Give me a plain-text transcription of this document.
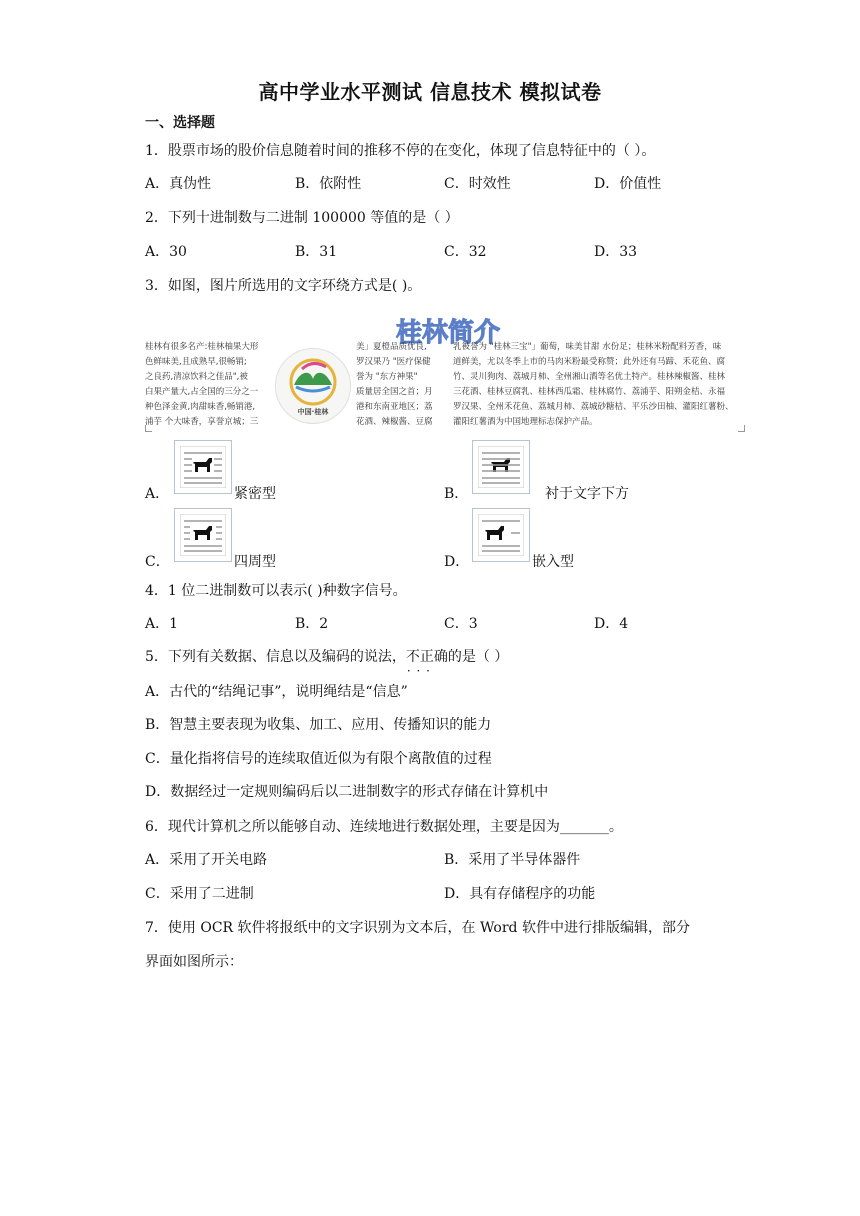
高中学业水平测试 信息技术 模拟试卷
一、选择题
1．股票市场的股价信息随着时间的推移不停的在变化，体现了信息特征中的（ ）。
A．真伪性	B．依附性	C．时效性	D．价值性
2．下列十进制数与二进制 100000 等值的是（ ）
A．30	B．31	C．32	D．33
3．如图，图片所选用的文字环绕方式是( )。
桂林简介
桂林有很多名产:桂林柚果大形
色鲜味美,且成熟早,很畅销;
之良药,清凉饮料之佳品",被
白果产量大,占全国的三分之一
种色泽金黄,肉甜味香,畅销港,
浦芋 个大味香，享誉京城；三
中国·桂林
美」夏橙品质优良,
罗汉果乃 "医疗保健
誉为 "东方神果"
质量居全国之首；月
港和东南亚地区；荔
花酒、辣椒酱、豆腐
乳被誉为 "桂林三宝"」葡萄，味美甘甜 水份足；桂林米粉配料芳香，味
道鲜美，尤以冬季上市的马肉米粉最受称赞；此外还有马蹄、禾花鱼、腐
竹、灵川狗肉、荔城月柿、全州湘山酒等名优土特产。桂林辣椒酱、桂林
三花酒、桂林豆腐乳、桂林西瓜霜、桂林腐竹、荔浦芋、阳朔金桔、永福
罗汉果、全州禾花鱼、荔城月柿、荔城砂糖桔、平乐沙田柚、灌阳红薯粉、
灌阳红薯酒为中国地理标志保护产品。
A．	紧密型	B．	衬于文字下方
C．	四周型	D．	嵌入型
4．1 位二进制数可以表示( )种数字信号。
A．1	B．2	C．3	D．4
5．下列有关数据、信息以及编码的说法，不正确 · · ·的是（ ）
A．古代的“结绳记事”，说明绳结是“信息”
B．智慧主要表现为收集、加工、应用、传播知识的能力
C．量化指将信号的连续取值近似为有限个离散值的过程
D．数据经过一定规则编码后以二进制数字的形式存储在计算机中
6．现代计算机之所以能够自动、连续地进行数据处理，主要是因为_______。
A．采用了开关电路	B．采用了半导体器件
C．采用了二进制	D．具有存储程序的功能
7．使用 OCR 软件将报纸中的文字识别为文本后，在 Word 软件中进行排版编辑，部分
界面如图所示：
